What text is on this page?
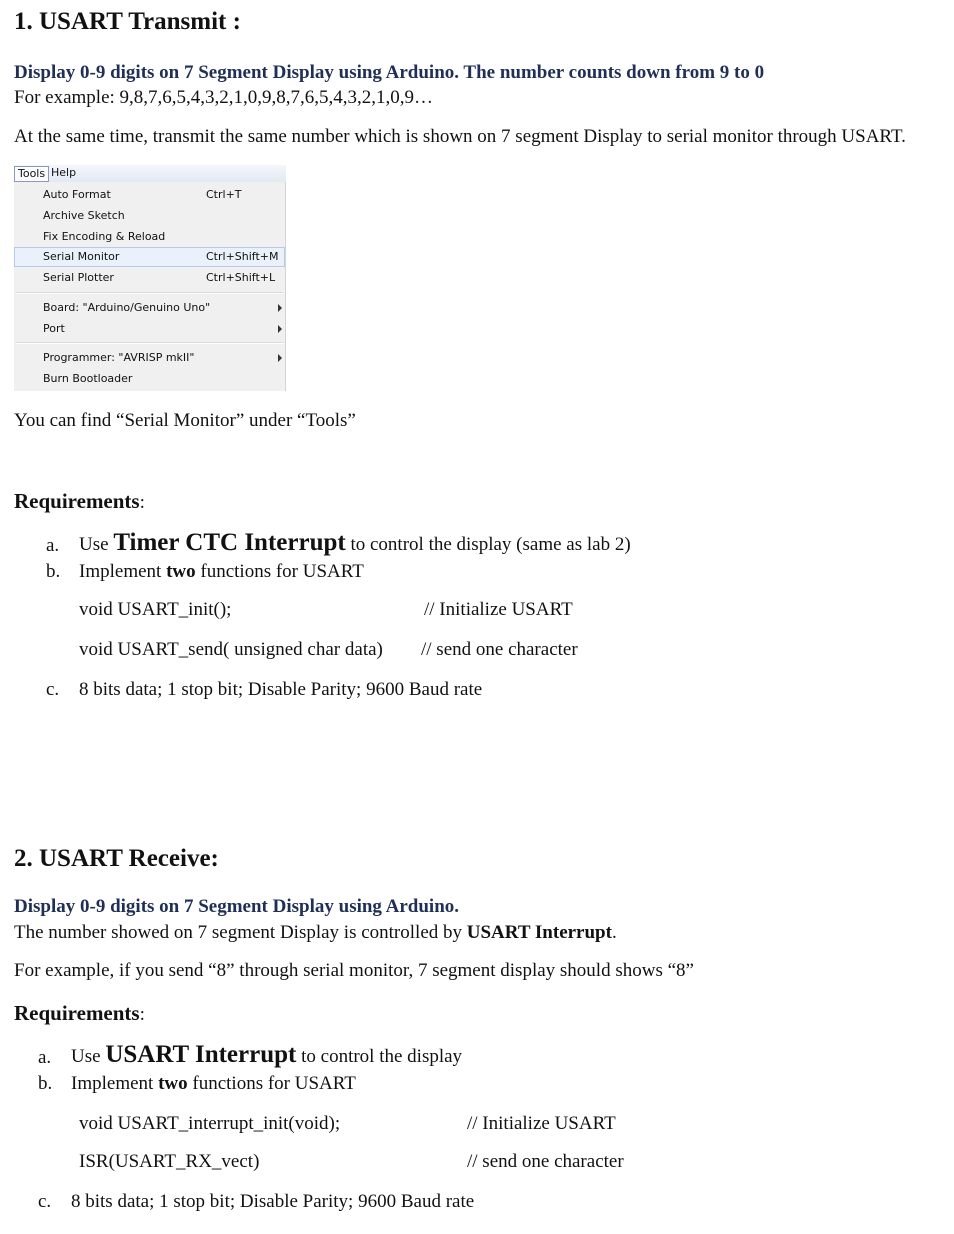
1. USART Transmit :
Display 0-9 digits on 7 Segment Display using Arduino. The number counts down from 9 to 0
For example: 9,8,7,6,5,4,3,2,1,0,9,8,7,6,5,4,3,2,1,0,9…
At the same time, transmit the same number which is shown on 7 segment Display to serial monitor through USART.
Tools Help
Auto Format	Ctrl+T
Archive Sketch
Fix Encoding & Reload
Serial Monitor	Ctrl+Shift+M
Serial Plotter	Ctrl+Shift+L
Board: "Arduino/Genuino Uno"
Port
Programmer: "AVRISP mkII"
Burn Bootloader
You can find “Serial Monitor” under “Tools”
Requirements:
a. Use Timer CTC Interrupt to control the display (same as lab 2)
b. Implement two functions for USART
void USART_init();	// Initialize USART
void USART_send( unsigned char data) // send one character
c. 8 bits data; 1 stop bit; Disable Parity; 9600 Baud rate
2. USART Receive:
Display 0-9 digits on 7 Segment Display using Arduino.
The number showed on 7 segment Display is controlled by USART Interrupt.
For example, if you send “8” through serial monitor, 7 segment display should shows “8”
Requirements:
a. Use USART Interrupt to control the display
b. Implement two functions for USART
void USART_interrupt_init(void);	// Initialize USART
ISR(USART_RX_vect)	// send one character
c. 8 bits data; 1 stop bit; Disable Parity; 9600 Baud rate
